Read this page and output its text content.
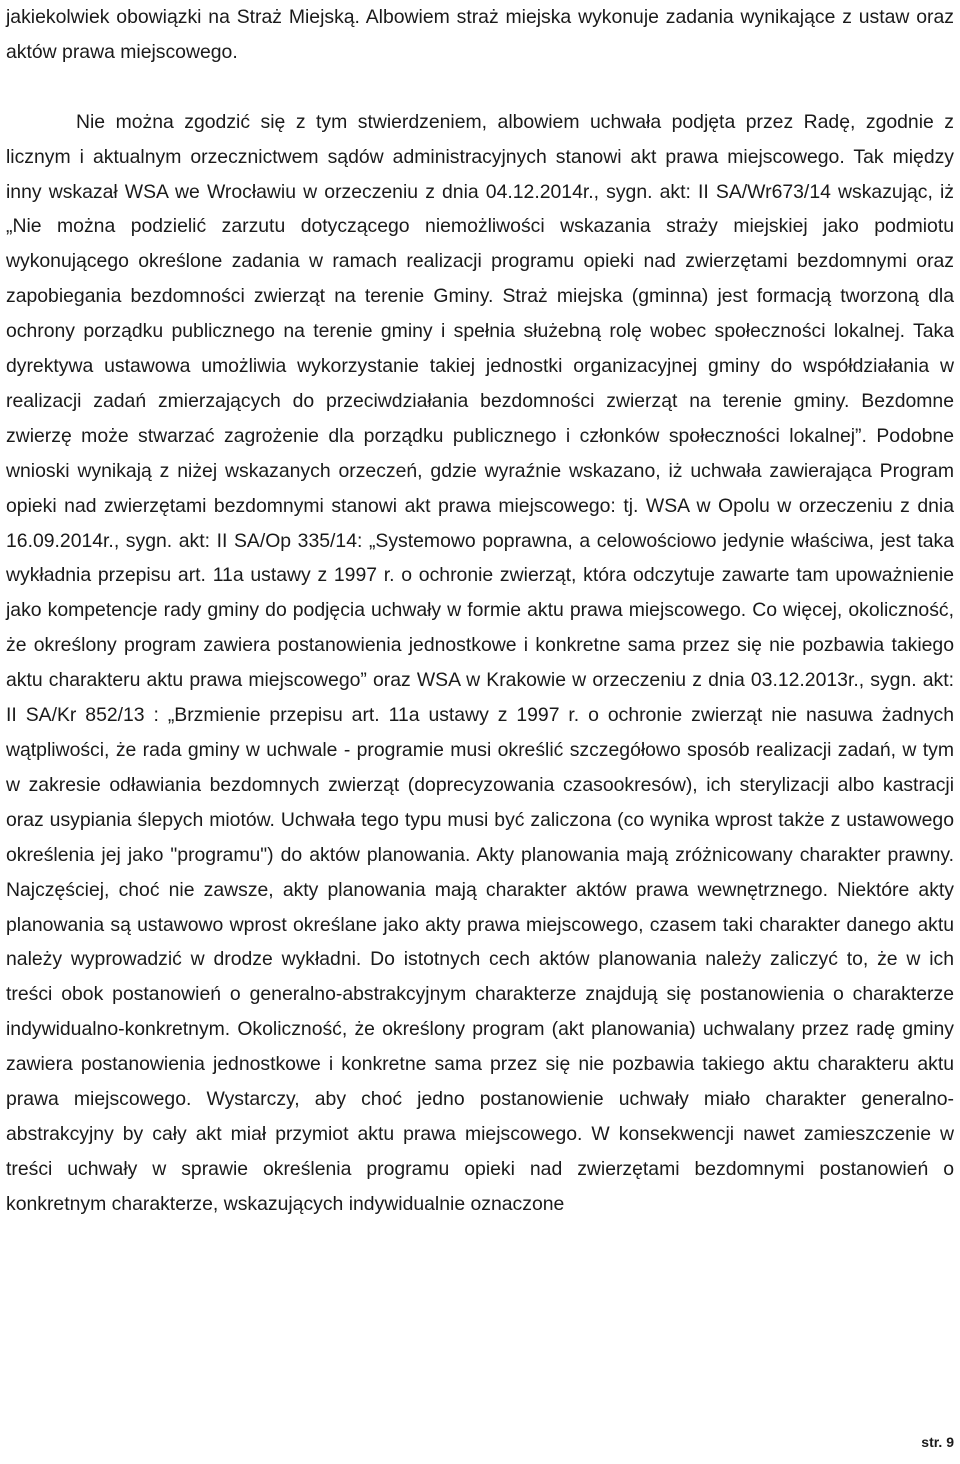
jakiekolwiek obowiązki na Straż Miejską. Albowiem straż miejska wykonuje zadania wynikające z ustaw oraz aktów prawa miejscowego.

Nie można zgodzić się z tym stwierdzeniem, albowiem uchwała podjęta przez Radę, zgodnie z licznym i aktualnym orzecznictwem sądów administracyjnych stanowi akt prawa miejscowego. Tak między inny wskazał WSA we Wrocławiu w orzeczeniu z dnia 04.12.2014r., sygn. akt: II SA/Wr673/14 wskazując, iż „Nie można podzielić zarzutu dotyczącego niemożliwości wskazania straży miejskiej jako podmiotu wykonującego określone zadania w ramach realizacji programu opieki nad zwierzętami bezdomnymi oraz zapobiegania bezdomności zwierząt na terenie Gminy. Straż miejska (gminna) jest formacją tworzoną dla ochrony porządku publicznego na terenie gminy i spełnia służebną rolę wobec społeczności lokalnej. Taka dyrektywa ustawowa umożliwia wykorzystanie takiej jednostki organizacyjnej gminy do współdziałania w realizacji zadań zmierzających do przeciwdziałania bezdomności zwierząt na terenie gminy. Bezdomne zwierzę może stwarzać zagrożenie dla porządku publicznego i członków społeczności lokalnej”. Podobne wnioski wynikają z niżej wskazanych orzeczeń, gdzie wyraźnie wskazano, iż uchwała zawierająca Program opieki nad zwierzętami bezdomnymi stanowi akt prawa miejscowego: tj. WSA w Opolu w orzeczeniu z dnia 16.09.2014r., sygn. akt: II SA/Op 335/14: „Systemowo poprawna, a celowościowo jedynie właściwa, jest taka wykładnia przepisu art. 11a ustawy z 1997 r. o ochronie zwierząt, która odczytuje zawarte tam upoważnienie jako kompetencje rady gminy do podjęcia uchwały w formie aktu prawa miejscowego. Co więcej, okoliczność, że określony program zawiera postanowienia jednostkowe i konkretne sama przez się nie pozbawia takiego aktu charakteru aktu prawa miejscowego” oraz WSA w Krakowie w orzeczeniu z dnia 03.12.2013r., sygn. akt: II SA/Kr 852/13 : „Brzmienie przepisu art. 11a ustawy z 1997 r. o ochronie zwierząt nie nasuwa żadnych wątpliwości, że rada gminy w uchwale - programie musi określić szczegółowo sposób realizacji zadań, w tym w zakresie odławiania bezdomnych zwierząt (doprecyzowania czasookresów), ich sterylizacji albo kastracji oraz usypiania ślepych miotów. Uchwała tego typu musi być zaliczona (co wynika wprost także z ustawowego określenia jej jako "programu") do aktów planowania. Akty planowania mają zróżnicowany charakter prawny. Najczęściej, choć nie zawsze, akty planowania mają charakter aktów prawa wewnętrznego. Niektóre akty planowania są ustawowo wprost określane jako akty prawa miejscowego, czasem taki charakter danego aktu należy wyprowadzić w drodze wykładni. Do istotnych cech aktów planowania należy zaliczyć to, że w ich treści obok postanowień o generalno-abstrakcyjnym charakterze znajdują się postanowienia o charakterze indywidualno-konkretnym. Okoliczność, że określony program (akt planowania) uchwalany przez radę gminy zawiera postanowienia jednostkowe i konkretne sama przez się nie pozbawia takiego aktu charakteru aktu prawa miejscowego. Wystarczy, aby choć jedno postanowienie uchwały miało charakter generalno-abstrakcyjny by cały akt miał przymiot aktu prawa miejscowego. W konsekwencji nawet zamieszczenie w treści uchwały w sprawie określenia programu opieki nad zwierzętami bezdomnymi postanowień o konkretnym charakterze, wskazujących indywidualnie oznaczone

str. 9
